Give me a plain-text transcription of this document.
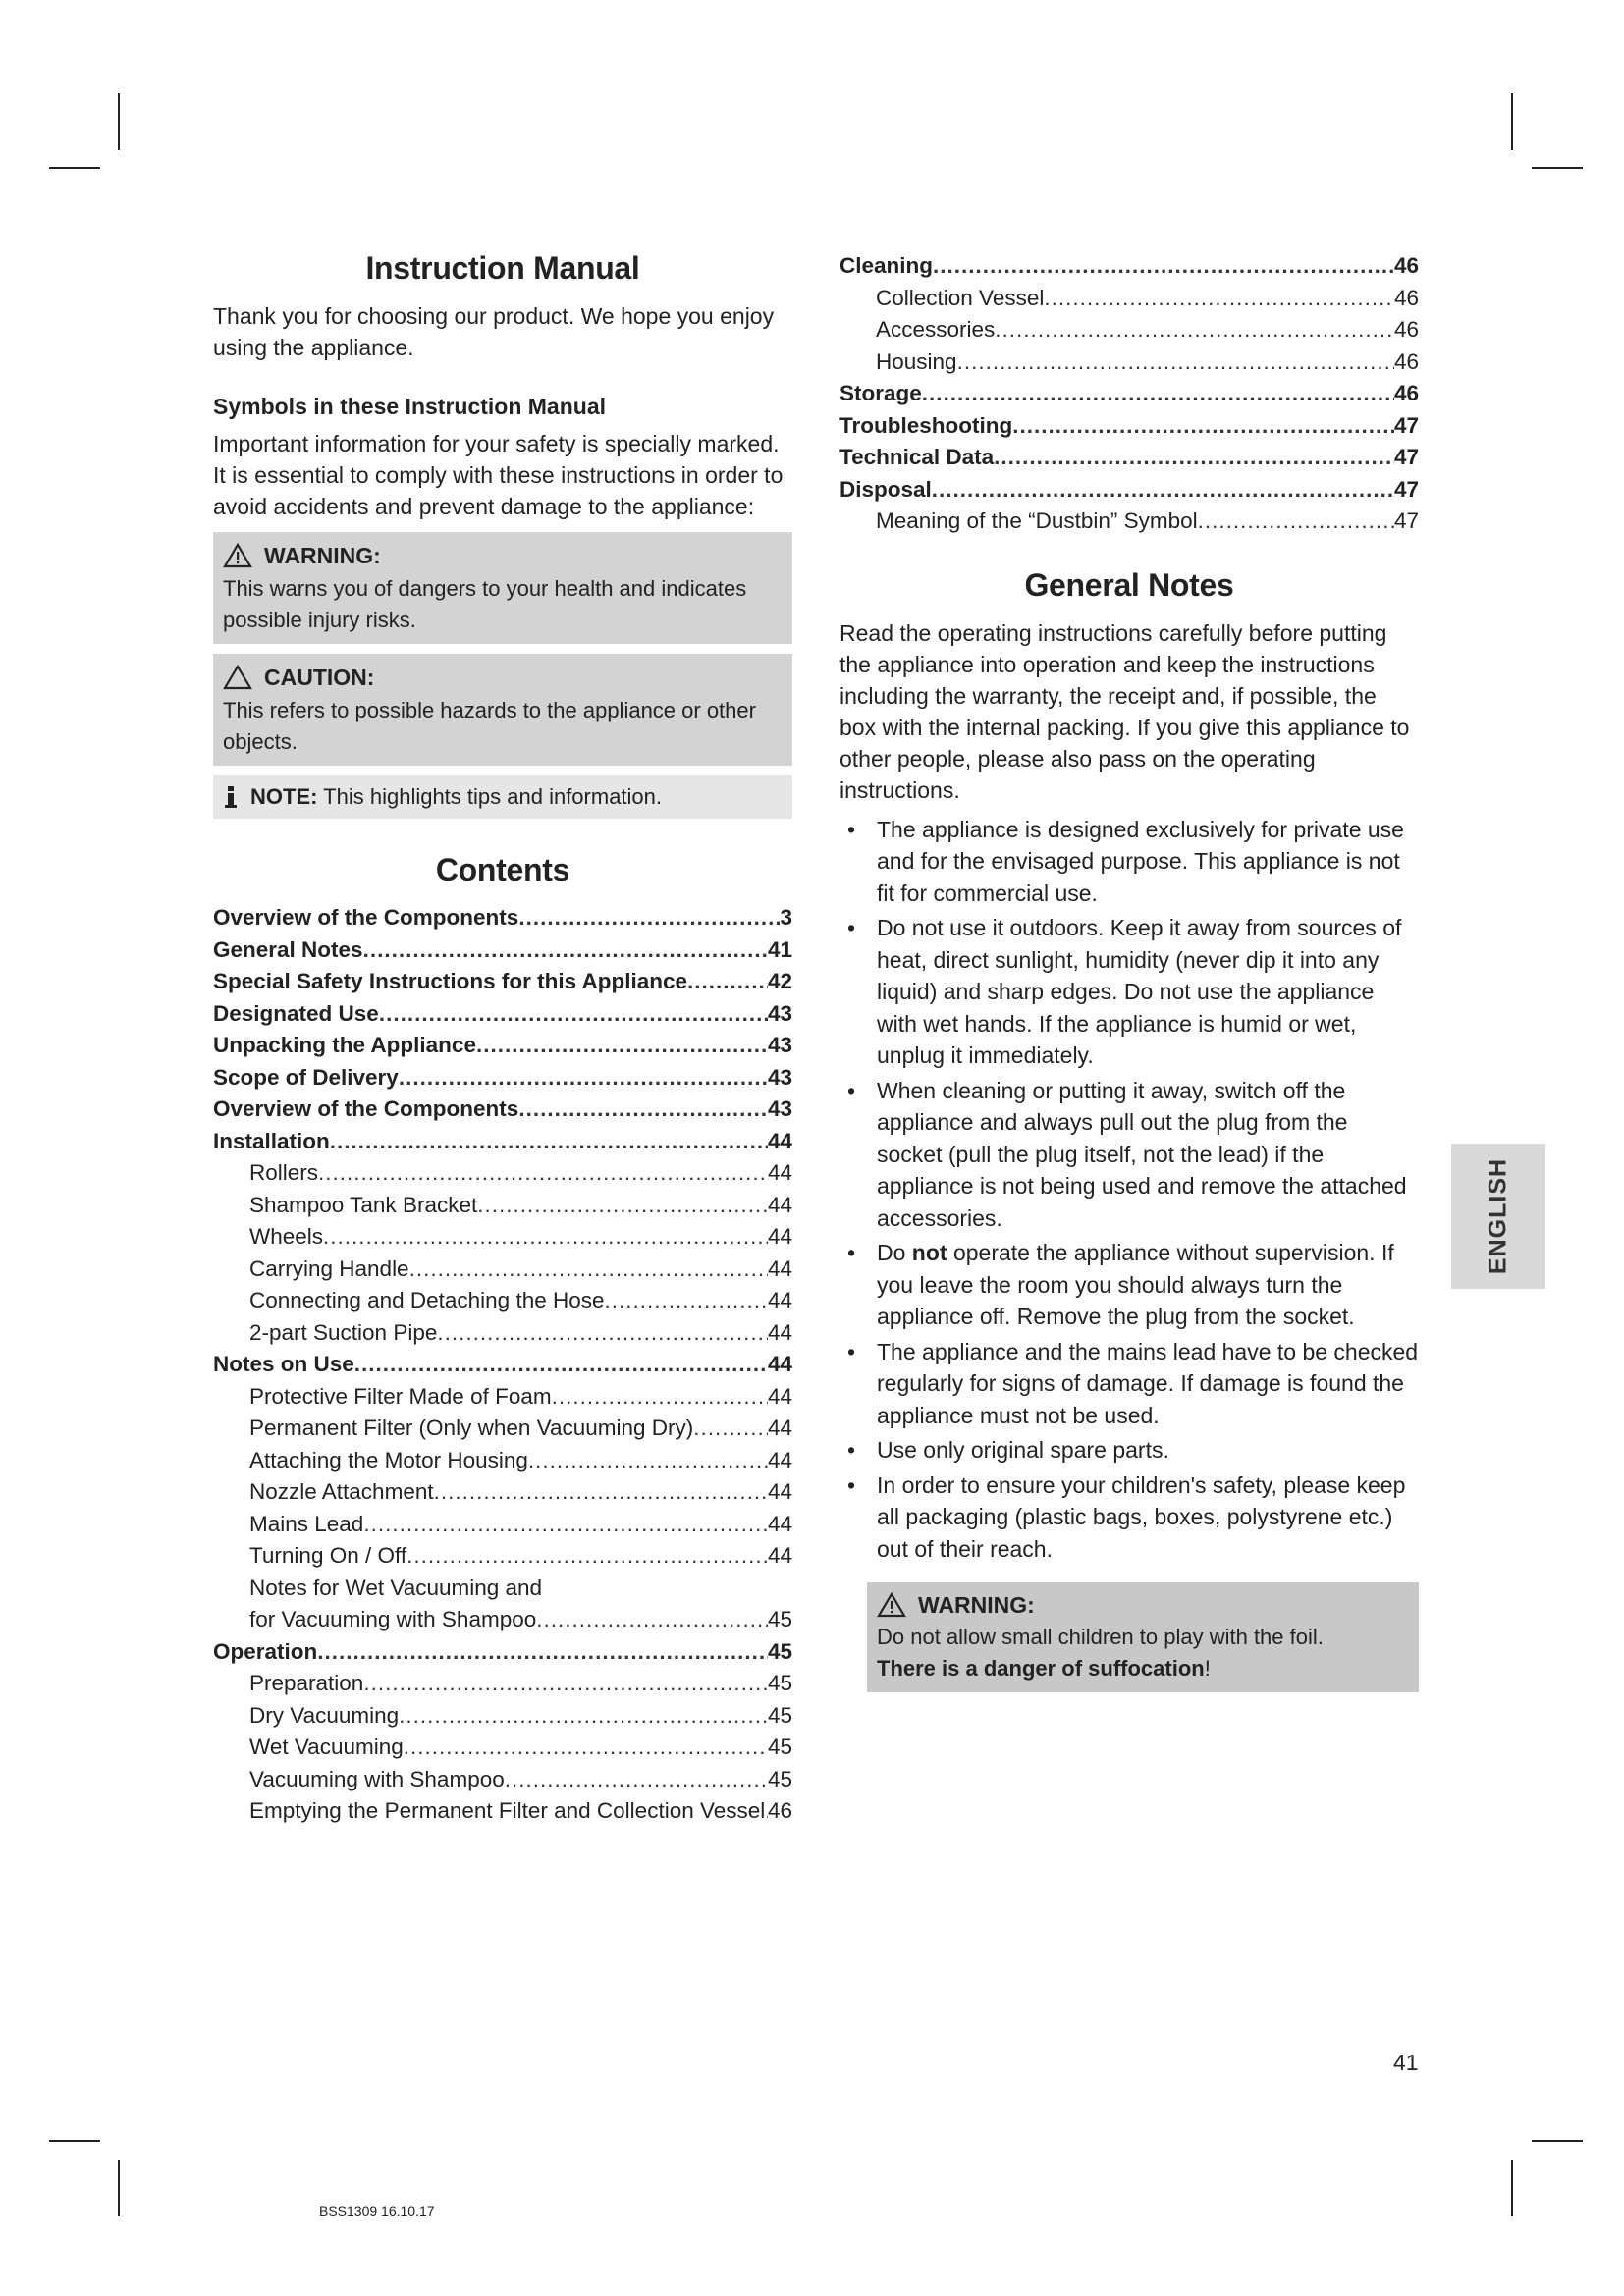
Instruction Manual

Thank you for choosing our product. We hope you enjoy using the appliance.

Symbols in these Instruction Manual

Important information for your safety is specially marked. It is essential to comply with these instructions in order to avoid accidents and prevent damage to the appliance:

WARNING:

This warns you of dangers to your health and indicates possible injury risks.

CAUTION:

This refers to possible hazards to the appliance or other objects.

NOTE: This highlights tips and information.
Contents
Overview of the Components .....	3
General Notes .....	41
Special Safety Instructions for this Appliance .....	42
Designated Use .....	43
Unpacking the Appliance .....	43
Scope of Delivery .....	43
Overview of the Components .....	43
Installation .....	44
Rollers .....	44
Shampoo Tank Bracket .....	44
Wheels .....	44
Carrying Handle .....	44
Connecting and Detaching the Hose .....	44
2-part Suction Pipe .....	44
Notes on Use .....	44
Protective Filter Made of Foam .....	44
Permanent Filter (Only when Vacuuming Dry) .....	44
Attaching the Motor Housing .....	44
Nozzle Attachment .....	44
Mains Lead .....	44
Turning On / Off .....	44
Notes for Wet Vacuuming and
for Vacuuming with Shampoo .....	45
Operation .....	45
Preparation .....	45
Dry Vacuuming .....	45
Wet Vacuuming .....	45
Vacuuming with Shampoo .....	45
Emptying the Permanent Filter and Collection Vessel ..... 46
Cleaning .....	46
Collection Vessel .....	46
Accessories .....	46
Housing .....	46
Storage .....	46
Troubleshooting .....	47
Technical Data .....	47
Disposal .....	47
Meaning of the “Dustbin” Symbol .....	47
General Notes

Read the operating instructions carefully before putting the appliance into operation and keep the instructions including the warranty, the receipt and, if possible, the box with the internal packing. If you give this appliance to other people, please also pass on the operating instructions.

• The appliance is designed exclusively for private use and for the envisaged purpose. This appliance is not fit for commercial use.
• Do not use it outdoors. Keep it away from sources of heat, direct sunlight, humidity (never dip it into any liquid) and sharp edges. Do not use the appliance with wet hands. If the appliance is humid or wet, unplug it immediately.
• When cleaning or putting it away, switch off the appliance and always pull out the plug from the socket (pull the plug itself, not the lead) if the appliance is not being used and remove the attached accessories.
• Do not operate the appliance without supervision. If you leave the room you should always turn the appliance off. Remove the plug from the socket.
• The appliance and the mains lead have to be checked regularly for signs of damage. If damage is found the appliance must not be used.
• Use only original spare parts.
• In order to ensure your children's safety, please keep all packaging (plastic bags, boxes, polystyrene etc.) out of their reach.
WARNING:

Do not allow small children to play with the foil.

There is a danger of suffocation!

ENGLISH
41
BSS1309 16.10.17
